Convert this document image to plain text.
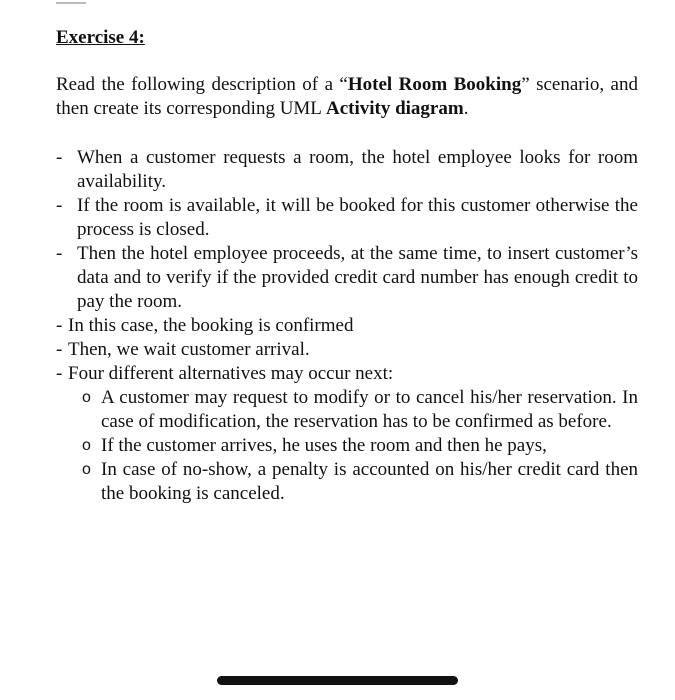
Exercise 4:
Read the following description of a “Hotel Room Booking” scenario, and then create its corresponding UML Activity diagram.
- When a customer requests a room, the hotel employee looks for room availability.
- If the room is available, it will be booked for this customer otherwise the process is closed.
- Then the hotel employee proceeds, at the same time, to insert customer’s data and to verify if the provided credit card number has enough credit to pay the room.
- In this case, the booking is confirmed
- Then, we wait customer arrival.
- Four different alternatives may occur next:
o A customer may request to modify or to cancel his/her reservation. In case of modification, the reservation has to be confirmed as before.
o If the customer arrives, he uses the room and then he pays,
o In case of no-show, a penalty is accounted on his/her credit card then the booking is canceled.
